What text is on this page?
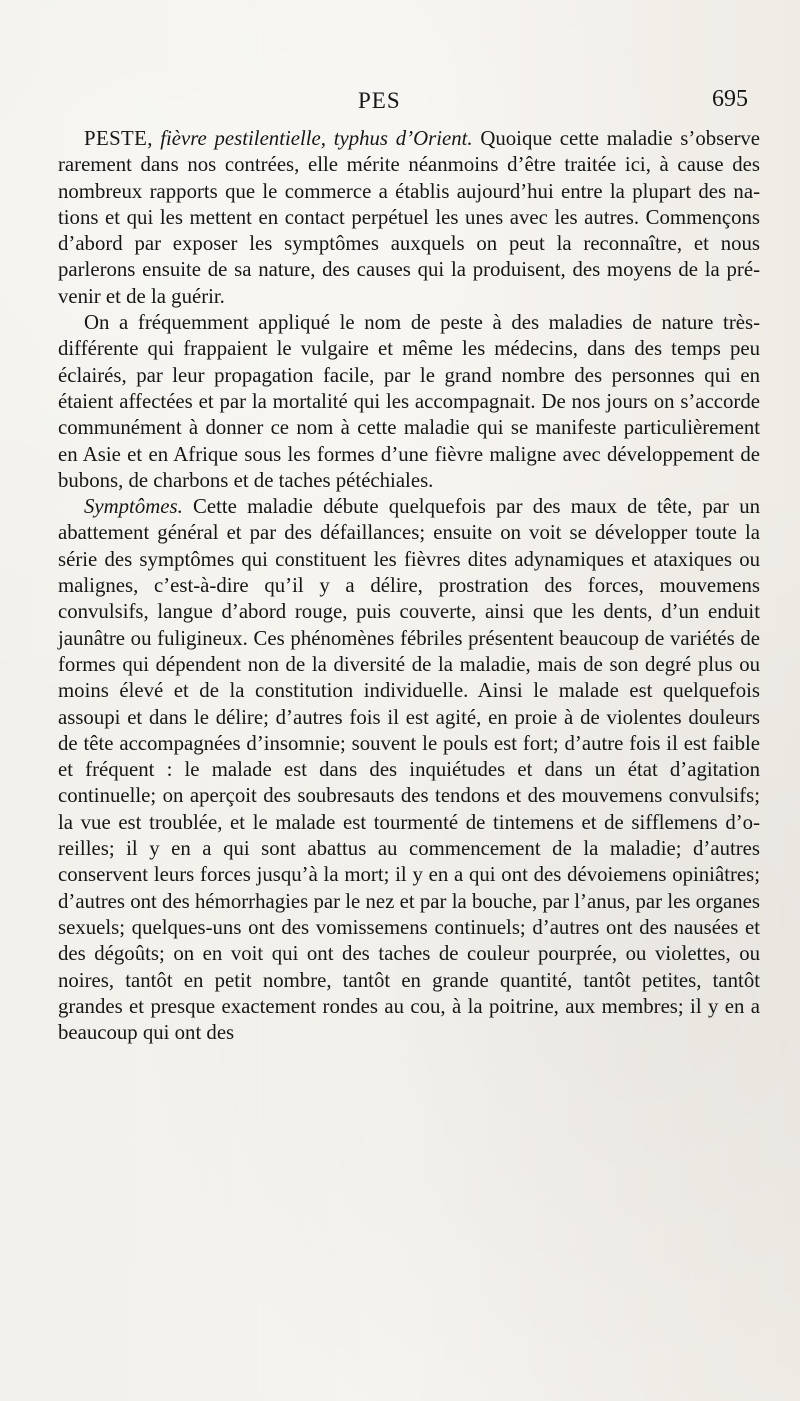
PES	695

PESTE, fièvre pestilentielle, typhus d’Orient. Quoique cette maladie s’observe rarement dans nos contrées, elle mérite néanmoins d’être traitée ici, à cause des nombreux rapports que le commerce a établis aujourd’hui entre la plupart des nations et qui les mettent en contact perpétuel les unes avec les autres. Commençons d’abord par exposer les symptômes auxquels on peut la reconnaître, et nous parlerons ensuite de sa nature, des causes qui la produisent, des moyens de la prévenir et de la guérir.

On a fréquemment appliqué le nom de peste à des maladies de nature très-différente qui frappaient le vulgaire et même les médecins, dans des temps peu éclairés, par leur propagation facile, par le grand nombre des personnes qui en étaient affectées et par la mortalité qui les accompagnait. De nos jours on s’accorde communément à donner ce nom à cette maladie qui se manifeste particulièrement en Asie et en Afrique sous les formes d’une fièvre maligne avec développement de bubons, de charbons et de taches pétéchiales.

Symptômes. Cette maladie débute quelquefois par des maux de tête, par un abattement général et par des défaillances; ensuite on voit se développer toute la série des symptômes qui constituent les fièvres dites adynamiques et ataxiques ou malignes, c’est-à-dire qu’il y a délire, prostration des forces, mouvemens convulsifs, langue d’abord rouge, puis couverte, ainsi que les dents, d’un enduit jaunâtre ou fuligineux. Ces phénomènes fébriles présentent beaucoup de variétés de formes qui dépendent non de la diversité de la maladie, mais de son degré plus ou moins élevé et de la constitution individuelle. Ainsi le malade est quelquefois assoupi et dans le délire; d’autres fois il est agité, en proie à de violentes douleurs de tête accompagnées d’insomnie; souvent le pouls est fort; d’autre fois il est faible et fréquent : le malade est dans des inquiétudes et dans un état d’agitation continuelle; on aperçoit des soubresauts des tendons et des mouvemens convulsifs; la vue est troublée, et le malade est tourmenté de tintemens et de sifflemens d’oreilles; il y en a qui sont abattus au commencement de la maladie; d’autres conservent leurs forces jusqu’à la mort; il y en a qui ont des dévoiemens opiniâtres; d’autres ont des hémorrhagies par le nez et par la bouche, par l’anus, par les organes sexuels; quelques-uns ont des vomissemens continuels; d’autres ont des nausées et des dégoûts; on en voit qui ont des taches de couleur pourprée, ou violettes, ou noires, tantôt en petit nombre, tantôt en grande quantité, tantôt petites, tantôt grandes et presque exactement rondes au cou, à la poitrine, aux membres; il y en a beaucoup qui ont des
